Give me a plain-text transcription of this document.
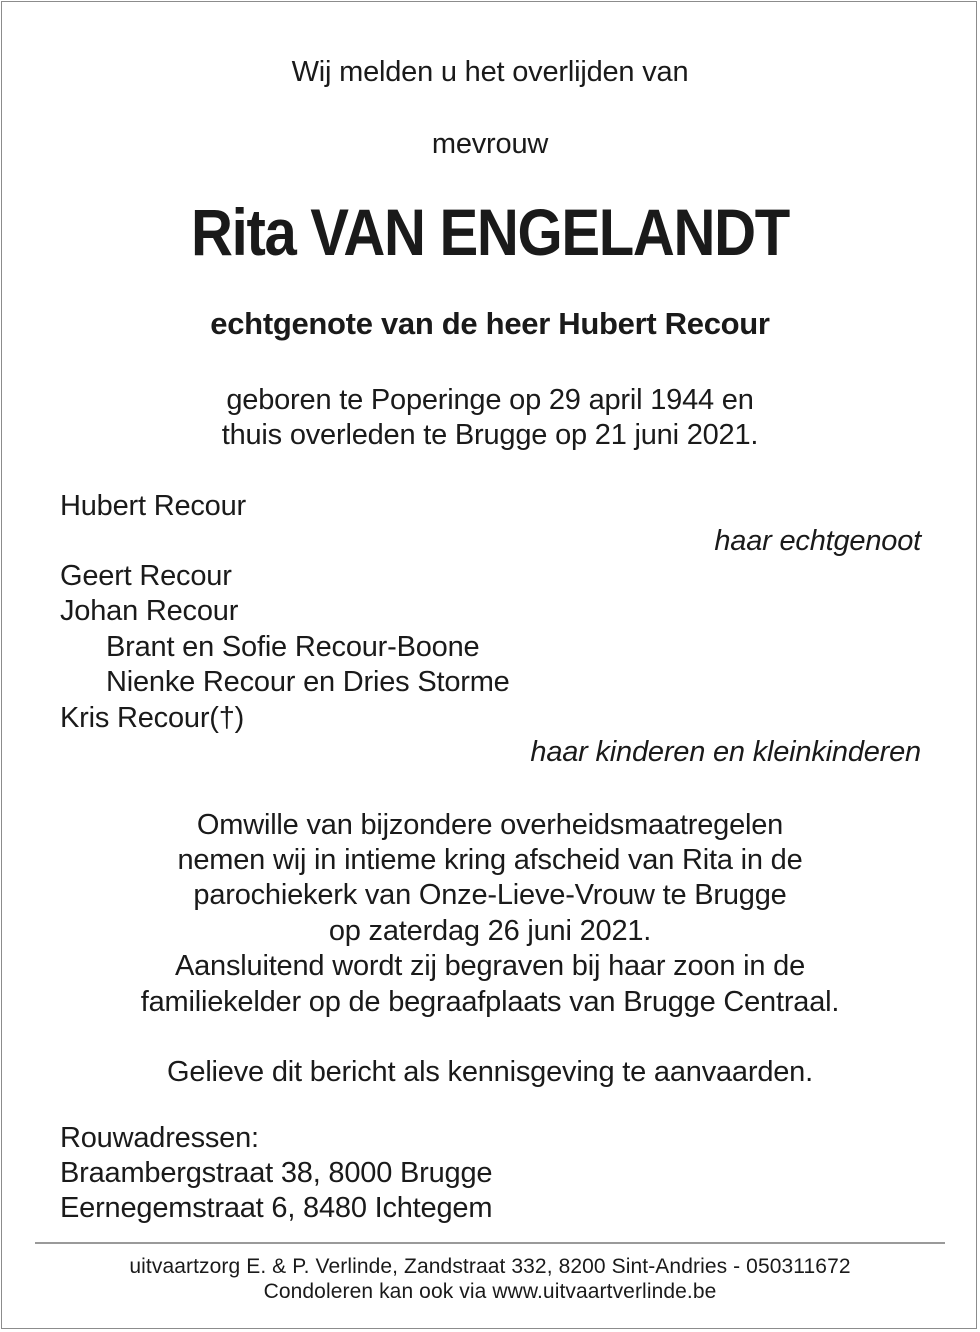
Wij melden u het overlijden van
mevrouw
Rita VAN ENGELANDT
echtgenote van de heer Hubert Recour
geboren te Poperinge op 29 april 1944 en
thuis overleden te Brugge op 21 juni 2021.
Hubert Recour
haar echtgenoot
Geert Recour
Johan Recour
Brant en Sofie Recour-Boone
Nienke Recour en Dries Storme
Kris Recour(†)
haar kinderen en kleinkinderen
Omwille van bijzondere overheidsmaatregelen
nemen wij in intieme kring afscheid van Rita in de
parochiekerk van Onze-Lieve-Vrouw te Brugge
op zaterdag 26 juni 2021.
Aansluitend wordt zij begraven bij haar zoon in de
familiekelder op de begraafplaats van Brugge Centraal.
Gelieve dit bericht als kennisgeving te aanvaarden.
Rouwadressen:
Braambergstraat 38, 8000 Brugge
Eernegemstraat 6, 8480 Ichtegem
uitvaartzorg E. & P. Verlinde, Zandstraat 332, 8200 Sint-Andries - 050311672
Condoleren kan ook via www.uitvaartverlinde.be
